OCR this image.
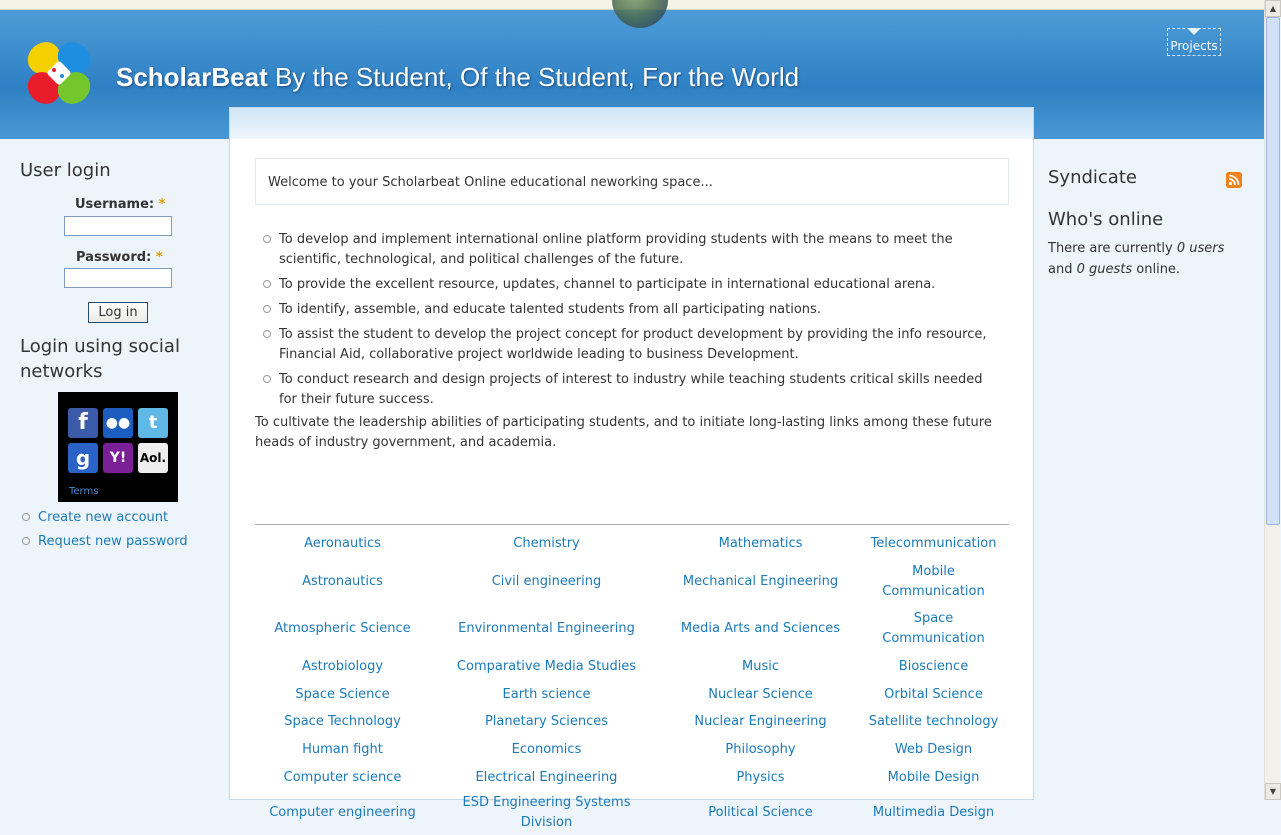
ScholarBeat By the Student, Of the Student, For the World
Projects
User login
Username: *
Password: *
Log in
Login using social networks
f	●●	t
g	Y!	Aol.
Terms
Create new account
Request new password
Welcome to your Scholarbeat Online educational neworking space...
To develop and implement international online platform providing students with the means to meet the scientific, technological, and political challenges of the future.
To provide the excellent resource, updates, channel to participate in international educational arena.
To identify, assemble, and educate talented students from all participating nations.
To assist the student to develop the project concept for product development by providing the info resource, Financial Aid, collaborative project worldwide leading to business Development.
To conduct research and design projects of interest to industry while teaching students critical skills needed for their future success.

To cultivate the leadership abilities of participating students, and to initiate long-lasting links among these future heads of industry government, and academia.

Aeronautics	Chemistry	Mathematics	Telecommunication
Astronautics	Civil engineering	Mechanical Engineering	Mobile Communication
Atmospheric Science	Environmental Engineering	Media Arts and Sciences	Space Communication
Astrobiology	Comparative Media Studies	Music	Bioscience
Space Science	Earth science	Nuclear Science	Orbital Science
Space Technology	Planetary Sciences	Nuclear Engineering	Satellite technology
Human fight	Economics	Philosophy	Web Design
Computer science	Electrical Engineering	Physics	Mobile Design
Computer engineering	ESD Engineering Systems Division	Political Science	Multimedia Design
Syndicate
Who's online

There are currently 0 users and 0 guests online.

▲
▼
